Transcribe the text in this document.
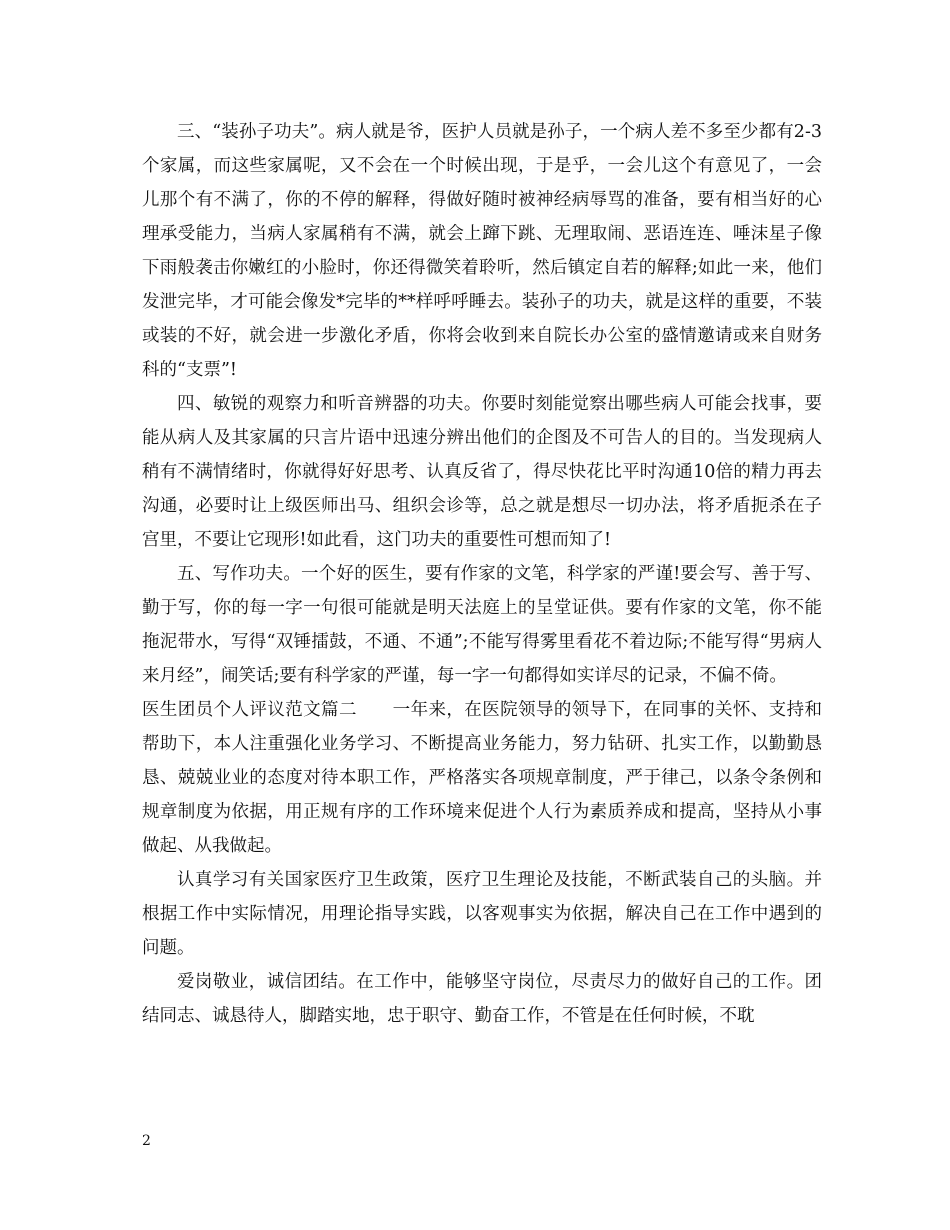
三、“装孙子功夫”。病人就是爷，医护人员就是孙子，一个病人差不多至少都有2-3个家属，而这些家属呢，又不会在一个时候出现，于是乎，一会儿这个有意见了，一会儿那个有不满了，你的不停的解释，得做好随时被神经病辱骂的准备，要有相当好的心理承受能力，当病人家属稍有不满，就会上蹿下跳、无理取闹、恶语连连、唾沫星子像下雨般袭击你嫩红的小脸时，你还得微笑着聆听，然后镇定自若的解释;如此一来，他们发泄完毕，才可能会像发*完毕的**样呼呼睡去。装孙子的功夫，就是这样的重要，不装或装的不好，就会进一步激化矛盾，你将会收到来自院长办公室的盛情邀请或来自财务科的“支票”!

四、敏锐的观察力和听音辨器的功夫。你要时刻能觉察出哪些病人可能会找事，要能从病人及其家属的只言片语中迅速分辨出他们的企图及不可告人的目的。当发现病人稍有不满情绪时，你就得好好思考、认真反省了，得尽快花比平时沟通10倍的精力再去沟通，必要时让上级医师出马、组织会诊等，总之就是想尽一切办法，将矛盾扼杀在子宫里，不要让它现形!如此看，这门功夫的重要性可想而知了!

五、写作功夫。一个好的医生，要有作家的文笔，科学家的严谨!要会写、善于写、勤于写，你的每一字一句很可能就是明天法庭上的呈堂证供。要有作家的文笔，你不能拖泥带水，写得“双锤擂鼓，不通、不通”;不能写得雾里看花不着边际;不能写得“男病人来月经”，闹笑话;要有科学家的严谨，每一字一句都得如实详尽的记录，不偏不倚。

医生团员个人评议范文篇二　　一年来，在医院领导的领导下，在同事的关怀、支持和帮助下，本人注重强化业务学习、不断提高业务能力，努力钻研、扎实工作，以勤勤恳恳、兢兢业业的态度对待本职工作，严格落实各项规章制度，严于律己，以条令条例和规章制度为依据，用正规有序的工作环境来促进个人行为素质养成和提高，坚持从小事做起、从我做起。

认真学习有关国家医疗卫生政策，医疗卫生理论及技能，不断武装自己的头脑。并根据工作中实际情况，用理论指导实践，以客观事实为依据，解决自己在工作中遇到的问题。

爱岗敬业，诚信团结。在工作中，能够坚守岗位，尽责尽力的做好自己的工作。团结同志、诚恳待人，脚踏实地，忠于职守、勤奋工作，不管是在任何时候，不耽

2
